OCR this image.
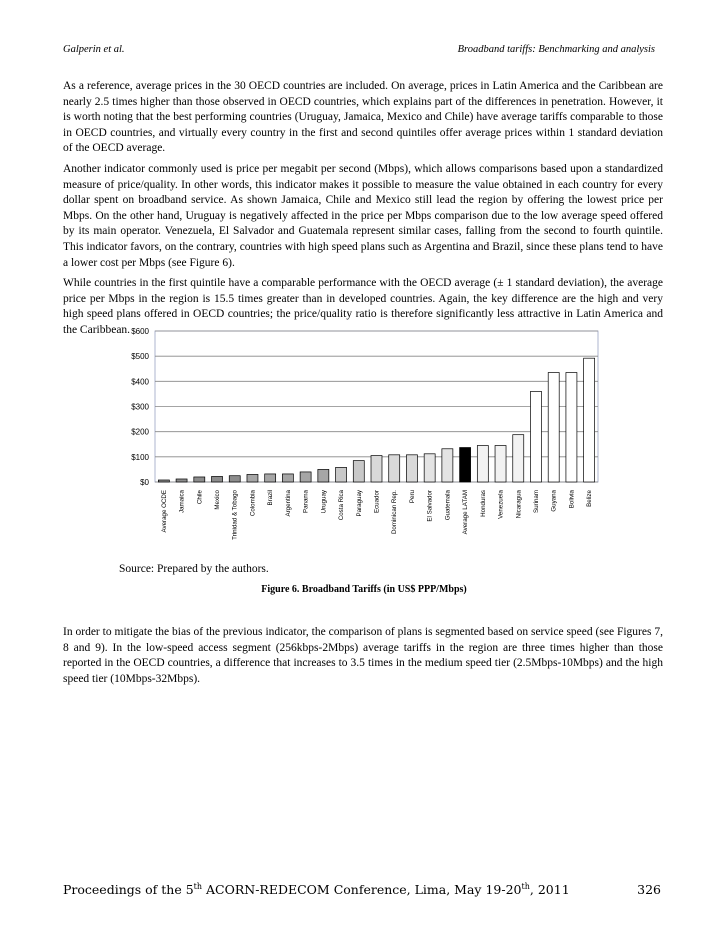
Galperin et al.	Broadband tariffs: Benchmarking and analysis

As a reference, average prices in the 30 OECD countries are included. On average, prices in Latin America and the Caribbean are nearly 2.5 times higher than those observed in OECD countries, which explains part of the differences in penetration. However, it is worth noting that the best performing countries (Uruguay, Jamaica, Mexico and Chile) have average tariffs comparable to those in OECD countries, and virtually every country in the first and second quintiles offer average prices within 1 standard deviation of the OECD average.

Another indicator commonly used is price per megabit per second (Mbps), which allows comparisons based upon a standardized measure of price/quality. In other words, this indicator makes it possible to measure the value obtained in each country for every dollar spent on broadband service. As shown Jamaica, Chile and Mexico still lead the region by offering the lowest price per Mbps. On the other hand, Uruguay is negatively affected in the price per Mbps comparison due to the low average speed offered by its main operator. Venezuela, El Salvador and Guatemala represent similar cases, falling from the second to fourth quintile. This indicator favors, on the contrary, countries with high speed plans such as Argentina and Brazil, since these plans tend to have a lower cost per Mbps (see Figure 6).

While countries in the first quintile have a comparable performance with the OECD average (± 1 standard deviation), the average price per Mbps in the region is 15.5 times greater than in developed countries. Again, the key difference are the high and very high speed plans offered in OECD countries; the price/quality ratio is therefore significantly less attractive in Latin America and the Caribbean.

$0
$100
$200
$300
$400
$500
$600
Average OCDE Jamaica Chile Mexico Trinidad & Tobago Colombia Brazil Argentina Panama Uruguay Costa Rica Paraguay Ecuador Dominican Rep. Peru El Salvador Guatemala Average LATAM Honduras Venezuela Nicaragua Surinam Guyana Bolivia Belize
Source: Prepared by the authors.
Figure 6. Broadband Tariffs (in US$ PPP/Mbps)

In order to mitigate the bias of the previous indicator, the comparison of plans is segmented based on service speed (see Figures 7, 8 and 9). In the low-speed access segment (256kbps-2Mbps) average tariffs in the region are three times higher than those reported in the OECD countries, a difference that increases to 3.5 times in the medium speed tier (2.5Mbps-10Mbps) and the high speed tier (10Mbps-32Mbps).

Proceedings of the 5th ACORN-REDECOM Conference, Lima, May 19-20th, 2011	326
